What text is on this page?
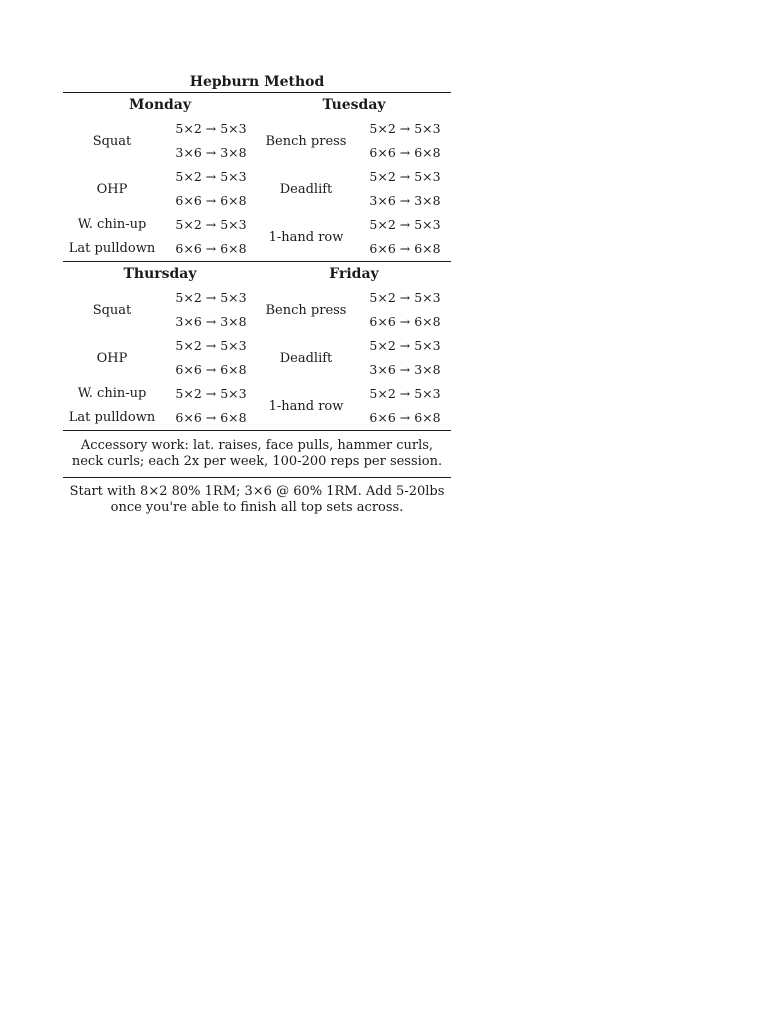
Hepburn Method
Monday
Squat
5×2 → 5×3
3×6 → 3×8
OHP
5×2 → 5×3
6×6 → 6×8
W. chin-up
Lat pulldown
5×2 → 5×3
6×6 → 6×8
Tuesday
Bench press
5×2 → 5×3
6×6 → 6×8
Deadlift
5×2 → 5×3
3×6 → 3×8
1-hand row
5×2 → 5×3
6×6 → 6×8
Thursday
Squat
5×2 → 5×3
3×6 → 3×8
OHP
5×2 → 5×3
6×6 → 6×8
W. chin-up
Lat pulldown
5×2 → 5×3
6×6 → 6×8
Friday
Bench press
5×2 → 5×3
6×6 → 6×8
Deadlift
5×2 → 5×3
3×6 → 3×8
1-hand row
5×2 → 5×3
6×6 → 6×8
Accessory work: lat. raises, face pulls, hammer curls, neck curls; each 2x per week, 100-200 reps per session.
Start with 8×2 80% 1RM; 3×6 @ 60% 1RM. Add 5-20lbs once you're able to finish all top sets across.
